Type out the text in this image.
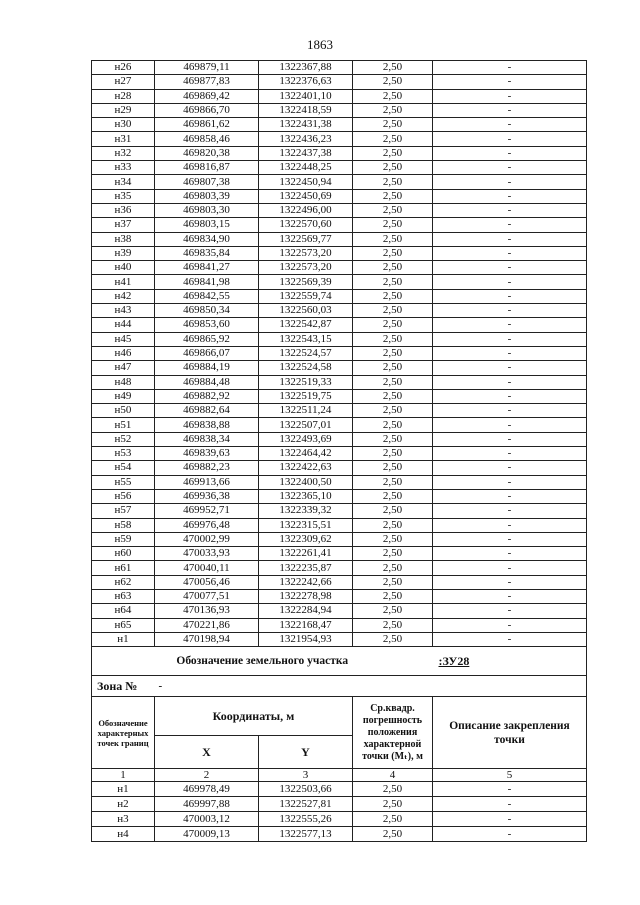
1863
н26	469879,11	1322367,88	2,50	-
н27	469877,83	1322376,63	2,50	-
н28	469869,42	1322401,10	2,50	-
н29	469866,70	1322418,59	2,50	-
н30	469861,62	1322431,38	2,50	-
н31	469858,46	1322436,23	2,50	-
н32	469820,38	1322437,38	2,50	-
н33	469816,87	1322448,25	2,50	-
н34	469807,38	1322450,94	2,50	-
н35	469803,39	1322450,69	2,50	-
н36	469803,30	1322496,00	2,50	-
н37	469803,15	1322570,60	2,50	-
н38	469834,90	1322569,77	2,50	-
н39	469835,84	1322573,20	2,50	-
н40	469841,27	1322573,20	2,50	-
н41	469841,98	1322569,39	2,50	-
н42	469842,55	1322559,74	2,50	-
н43	469850,34	1322560,03	2,50	-
н44	469853,60	1322542,87	2,50	-
н45	469865,92	1322543,15	2,50	-
н46	469866,07	1322524,57	2,50	-
н47	469884,19	1322524,58	2,50	-
н48	469884,48	1322519,33	2,50	-
н49	469882,92	1322519,75	2,50	-
н50	469882,64	1322511,24	2,50	-
н51	469838,88	1322507,01	2,50	-
н52	469838,34	1322493,69	2,50	-
н53	469839,63	1322464,42	2,50	-
н54	469882,23	1322422,63	2,50	-
н55	469913,66	1322400,50	2,50	-
н56	469936,38	1322365,10	2,50	-
н57	469952,71	1322339,32	2,50	-
н58	469976,48	1322315,51	2,50	-
н59	470002,99	1322309,62	2,50	-
н60	470033,93	1322261,41	2,50	-
н61	470040,11	1322235,87	2,50	-
н62	470056,46	1322242,66	2,50	-
н63	470077,51	1322278,98	2,50	-
н64	470136,93	1322284,94	2,50	-
н65	470221,86	1322168,47	2,50	-
н1	470198,94	1321954,93	2,50	-
Обозначение земельного участка				:ЗУ28
Зона №	-			
Обозначение характерных точек границ	Координаты, м		Ср.квадр. погрешность положения характерной точки (Mₜ), м	Описание закрепления точки
	X	Y		
1	2	3	4	5
н1	469978,49	1322503,66	2,50	-
н2	469997,88	1322527,81	2,50	-
н3	470003,12	1322555,26	2,50	-
н4	470009,13	1322577,13	2,50	-
